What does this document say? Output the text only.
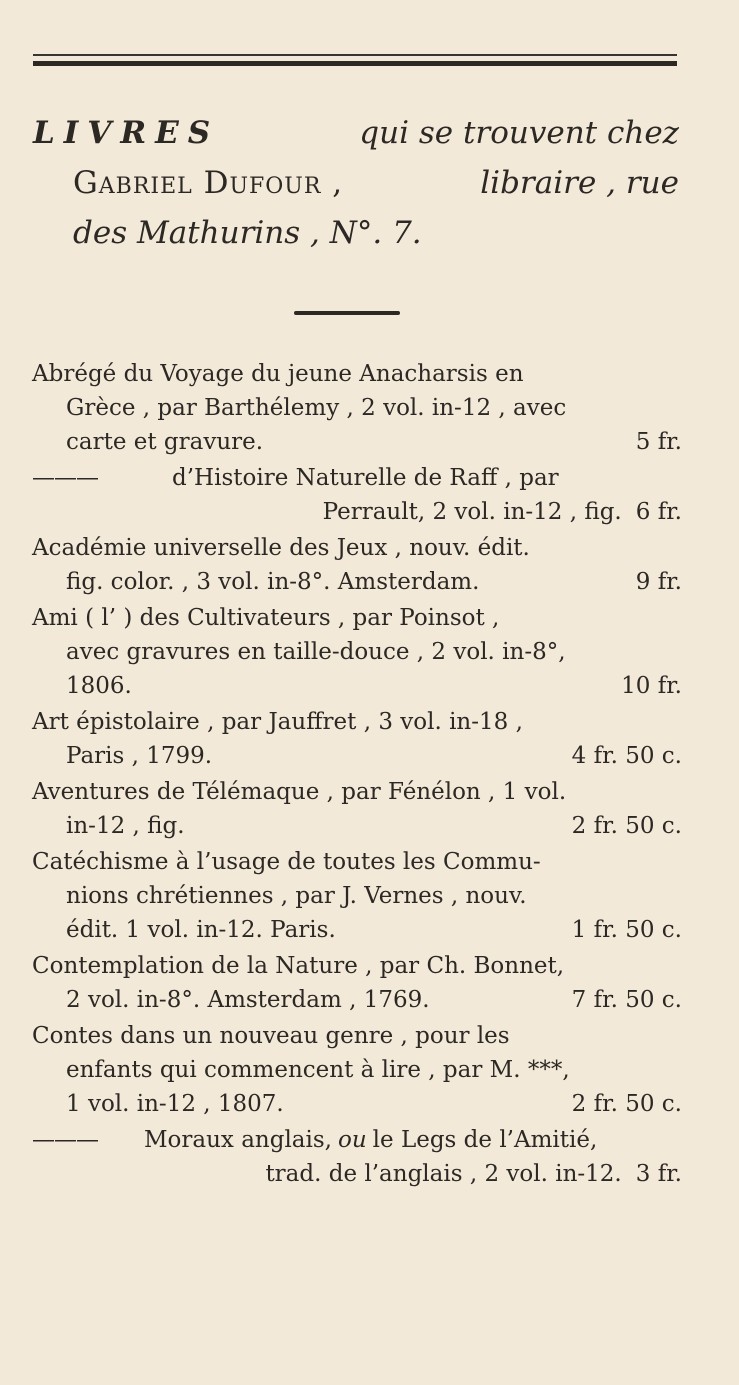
LIVRES	qui se trouvent chez
Gabriel Dufour ,	libraire , rue
des Mathurins , N°. 7.
Abrégé du Voyage du jeune Anacharsis en
Grèce , par Barthélemy , 2 vol. in-12 , avec
carte et gravure.	5 fr.
———	d’Histoire Naturelle de Raff , par
Perrault, 2 vol. in-12 , fig. 6 fr.
Académie universelle des Jeux , nouv. édit.
fig. color. , 3 vol. in-8°. Amsterdam.	9 fr.
Ami ( l’ ) des Cultivateurs , par Poinsot ,
avec gravures en taille-douce , 2 vol. in-8°,
1806.	10 fr.
Art épistolaire , par Jauffret , 3 vol. in-18 ,
Paris , 1799.	4 fr. 50 c.
Aventures de Télémaque , par Fénélon , 1 vol.
in-12 , fig.	2 fr. 50 c.
Catéchisme à l’usage de toutes les Commu-
nions chrétiennes , par J. Vernes , nouv.
édit. 1 vol. in-12. Paris.	1 fr. 50 c.
Contemplation de la Nature , par Ch. Bonnet,
2 vol. in-8°. Amsterdam , 1769.	7 fr. 50 c.
Contes dans un nouveau genre , pour les
enfants qui commencent à lire , par M. ***,
1 vol. in-12 , 1807.	2 fr. 50 c.
———	Moraux anglais, ou le Legs de l’Amitié,
trad. de l’anglais , 2 vol. in-12. 3 fr.
